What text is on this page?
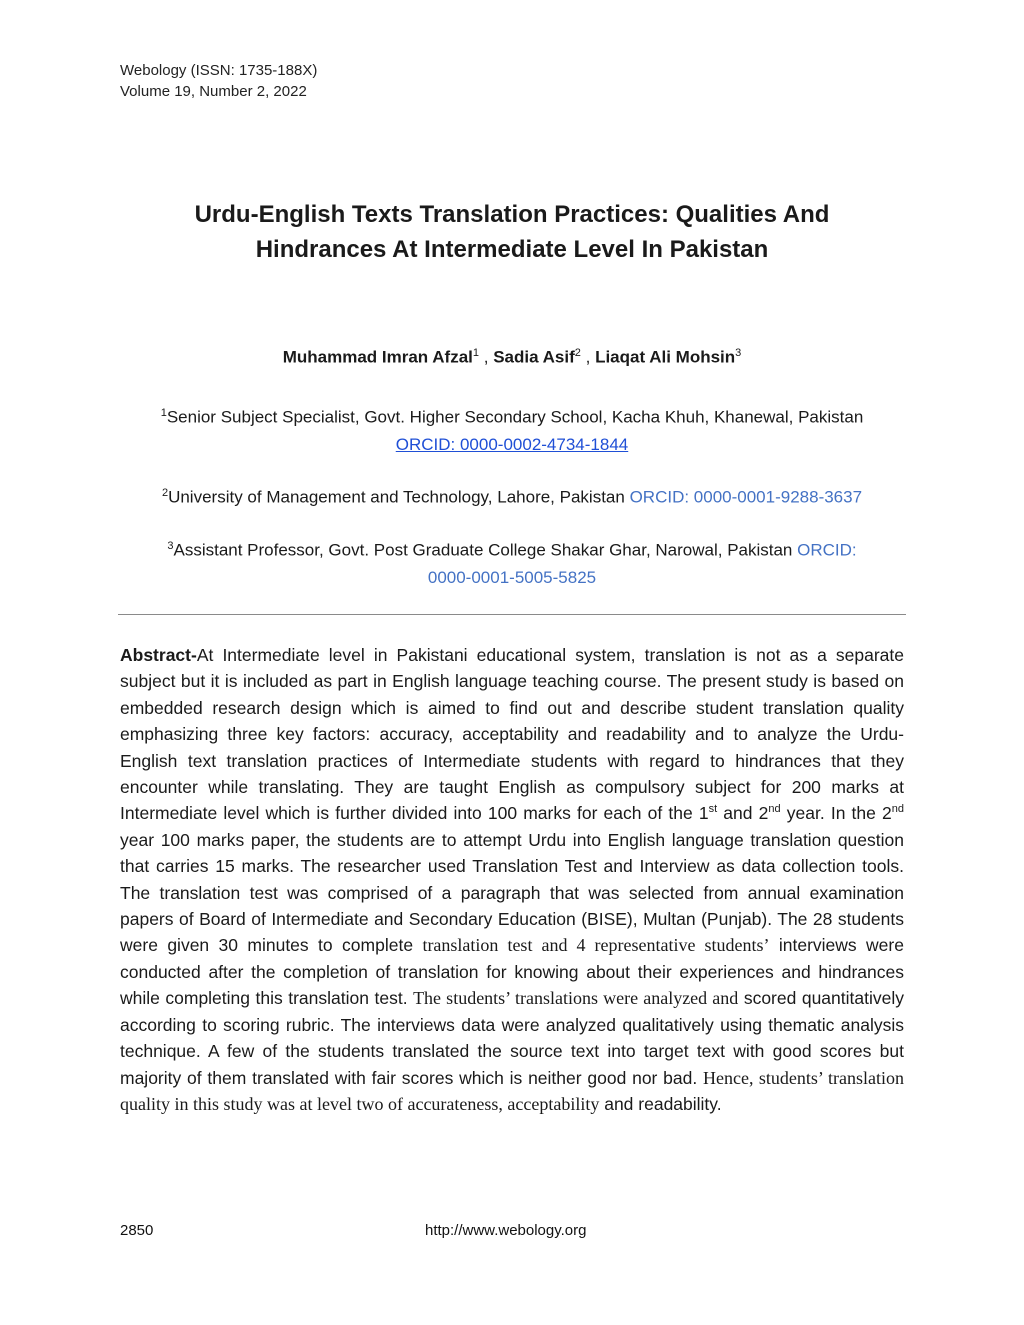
Webology (ISSN: 1735-188X)
Volume 19, Number 2, 2022
Urdu-English Texts Translation Practices: Qualities And
Hindrances At Intermediate Level In Pakistan
Muhammad Imran Afzal$^1$ , Sadia Asif$^2$ , Liaqat Ali Mohsin$^3$
$^1$Senior Subject Specialist, Govt. Higher Secondary School, Kacha Khuh, Khanewal, Pakistan
ORCID: 0000-0002-4734-1844
$^2$University of Management and Technology, Lahore, Pakistan ORCID: 0000-0001-9288-3637
$^3$Assistant Professor, Govt. Post Graduate College Shakar Ghar, Narowal, Pakistan ORCID:
0000-0001-5005-5825
Abstract-At Intermediate level in Pakistani educational system, translation is not as a separate subject but it is included as part in English language teaching course. The present study is based on embedded research design which is aimed to find out and describe student translation quality emphasizing three key factors: accuracy, acceptability and readability and to analyze the Urdu-English text translation practices of Intermediate students with regard to hindrances that they encounter while translating. They are taught English as compulsory subject for 200 marks at Intermediate level which is further divided into 100 marks for each of the 1st and 2nd year. In the 2nd year 100 marks paper, the students are to attempt Urdu into English language translation question that carries 15 marks. The researcher used Translation Test and Interview as data collection tools. The translation test was comprised of a paragraph that was selected from annual examination papers of Board of Intermediate and Secondary Education (BISE), Multan (Punjab). The 28 students were given 30 minutes to complete translation test and 4 representative students’ interviews were conducted after the completion of translation for knowing about their experiences and hindrances while completing this translation test. The students’ translations were analyzed and scored quantitatively according to scoring rubric. The interviews data were analyzed qualitatively using thematic analysis technique. A few of the students translated the source text into target text with good scores but majority of them translated with fair scores which is neither good nor bad. Hence, students’ translation quality in this study was at level two of accurateness, acceptability and readability.
2850	http://www.webology.org
